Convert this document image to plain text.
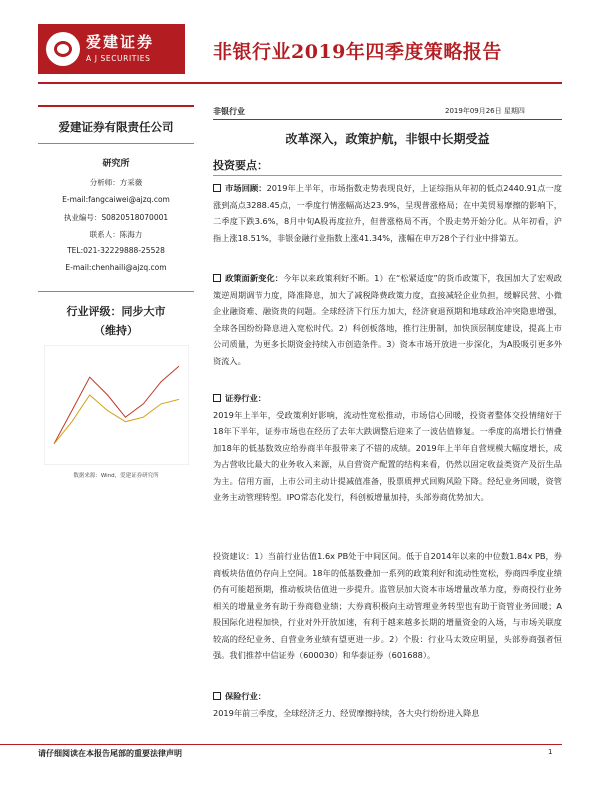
爱建证券
A J SECURITIES	非银行业2019年四季度策略报告
爱建证券有限责任公司
研究所
分析师：方采薇
E-mail:fangcaiwei@ajzq.com
执业编号：S0820518070001
联系人：陈海力
TEL:021-32229888-25528
E-mail:chenhaili@ajzq.com
行业评级：同步大市
（维持）
数据来源：Wind，爱建证券研究所
非银行业	2019年09月26日 星期四
改革深入，政策护航，非银中长期受益
投资要点：
市场回顾：2019年上半年，市场指数走势表现良好，上证综指从年初的低点2440.91点一度涨到高点3288.45点，一季度行情涨幅高达23.9%，呈现普涨格局；在中美贸易摩擦的影响下，二季度下跌3.6%，8月中旬A股再度拉升，但普涨格局不再，个股走势开始分化。从年初看，沪指上涨18.51%，非银金融行业指数上涨41.34%，涨幅在申万28个子行业中排第五。
政策面新变化：今年以来政策利好不断。1）在“松紧适度”的货币政策下，我国加大了宏观政策逆周期调节力度，降准降息，加大了减税降费政策力度，直接减轻企业负担，缓解民营、小微企业融资难、融资贵的问题。全球经济下行压力加大，经济衰退预期和地球政治冲突隐患增强，全球各国纷纷降息进入宽松时代。2）科创板落地，推行注册制，加快顶层制度建设，提高上市公司质量，为更多长期资金持续入市创造条件。3）资本市场开放进一步深化，为A股吸引更多外资流入。
证券行业：
2019年上半年，受政策利好影响，流动性宽松推动，市场信心回暖，投资者整体交投情绪好于18年下半年，证券市场也在经历了去年大跌调整后迎来了一波估值修复。一季度的高增长行情叠加18年的低基数效应给券商半年报带来了不错的成绩。2019年上半年自营规模大幅度增长，成为占营收比最大的业务收入来源，从自营资产配置的结构来看，仍然以固定收益类资产及衍生品为主。信用方面，上市公司主动计提减值准备，股票质押式回购风险下降。经纪业务回暖，资管业务主动管理转型。IPO常态化发行，科创板增量加持，头部券商优势加大。
投资建议：1）当前行业估值1.6x PB处于中间区间。低于自2014年以来的中位数1.84x PB，券商板块估值仍存向上空间。18年的低基数叠加一系列的政策利好和流动性宽松，券商四季度业绩仍有可能超预期，推动板块估值进一步提升。监管层加大资本市场增量改革力度，券商投行业务相关的增量业务有助于券商稳业绩；大券商积极向主动管理业务转型也有助于资管业务回暖；A股国际化进程加快，行业对外开放加速，有利于越来越多长期的增量资金的入场，与市场关联度较高的经纪业务、自营业务业绩有望更进一步。2）个股：行业马太效应明显，头部券商强者恒强。我们推荐中信证券（600030）和华泰证券（601688）。
保险行业：
2019年前三季度，全球经济乏力、经贸摩擦持续，各大央行纷纷进入降息
请仔细阅读在本报告尾部的重要法律声明	1
